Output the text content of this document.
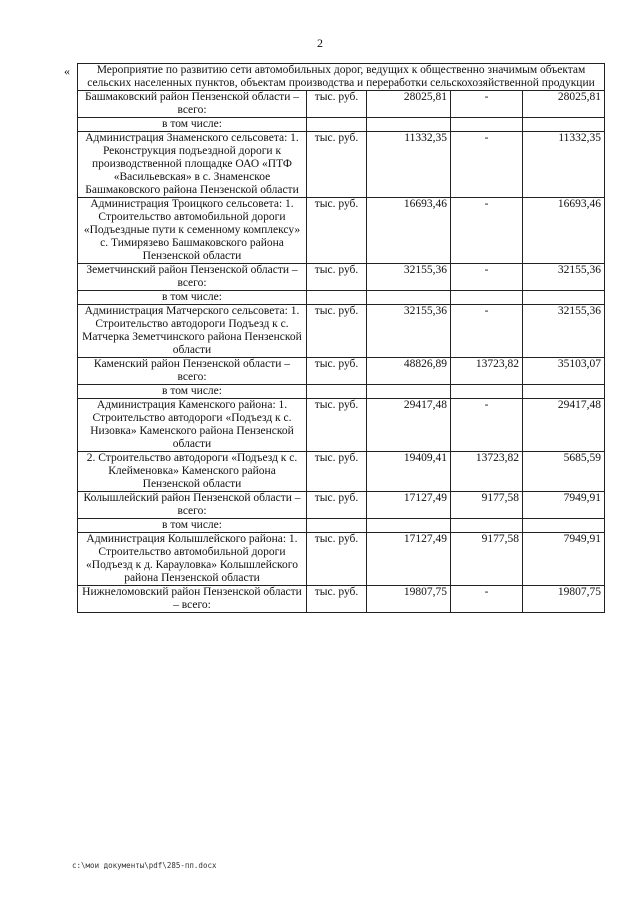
2
« Мероприятие по развитию сети автомобильных дорог, ведущих к общественно значимым объектам сельских населенных пунктов, объектам производства и переработки сельскохозяйственной продукции				
Башмаковский район Пензенской области – всего:	тыс. руб.	28025,81	-	28025,81
в том числе:				
Администрация Знаменского сельсовета: 1. Реконструкция подъездной дороги к производственной площадке ОАО «ПТФ «Васильевская» в с. Знаменское Башмаковского района Пензенской области	тыс. руб.	11332,35	-	11332,35
Администрация Троицкого сельсовета: 1. Строительство автомобильной дороги «Подъездные пути к семенному комплексу» с. Тимирязево Башмаковского района Пензенской области	тыс. руб.	16693,46	-	16693,46
Земетчинский район Пензенской области – всего:	тыс. руб.	32155,36	-	32155,36
в том числе:				
Администрация Матчерского сельсовета: 1. Строительство автодороги Подъезд к с. Матчерка Земетчинского района Пензенской области	тыс. руб.	32155,36	-	32155,36
Каменский район Пензенской области – всего:	тыс. руб.	48826,89	13723,82	35103,07
в том числе:				
Администрация Каменского района: 1. Строительство автодороги «Подъезд к с. Низовка» Каменского района Пензенской области	тыс. руб.	29417,48	-	29417,48
2. Строительство автодороги «Подъезд к с. Клейменовка» Каменского района Пензенской области	тыс. руб.	19409,41	13723,82	5685,59
Колышлейский район Пензенской области – всего:	тыс. руб.	17127,49	9177,58	7949,91
в том числе:				
Администрация Колышлейского района: 1. Строительство автомобильной дороги «Подъезд к д. Карауловка» Колышлейского района Пензенской области	тыс. руб.	17127,49	9177,58	7949,91
Нижнеломовский район Пензенской области – всего:	тыс. руб.	19807,75	-	19807,75
c:\мои документы\pdf\285-пп.docx
